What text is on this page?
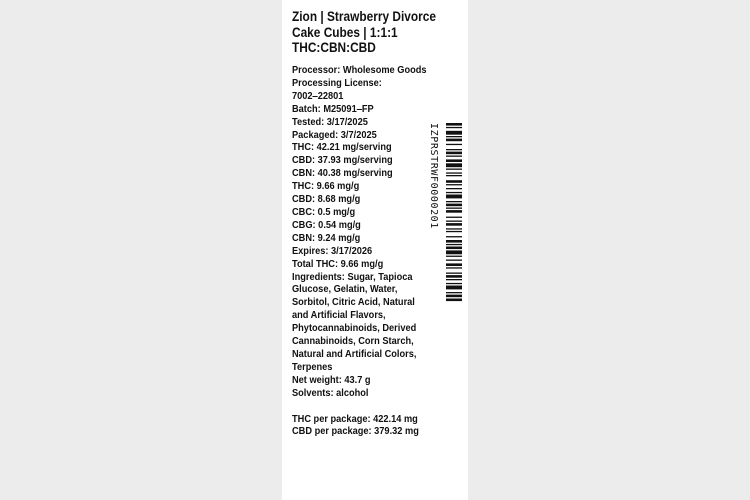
Zion | Strawberry Divorce
Cake Cubes | 1:1:1
THC:CBN:CBD
Processor: Wholesome Goods
Processing License:
7002‒22801
Batch: M25091‒FP
Tested: 3/17/2025
Packaged: 3/7/2025
THC: 42.21 mg/serving
CBD: 37.93 mg/serving
CBN: 40.38 mg/serving
THC: 9.66 mg/g
CBD: 8.68 mg/g
CBC: 0.5 mg/g
CBG: 0.54 mg/g
CBN: 9.24 mg/g
Expires: 3/17/2026
Total THC: 9.66 mg/g
Ingredients: Sugar, Tapioca
Glucose, Gelatin, Water,
Sorbitol, Citric Acid, Natural
and Artificial Flavors,
Phytocannabinoids, Derived
Cannabinoids, Corn Starch,
Natural and Artificial Colors,
Terpenes
Net weight: 43.7 g
Solvents: alcohol
THC per package: 422.14 mg
CBD per package: 379.32 mg
IZPRSTRWF0000201
